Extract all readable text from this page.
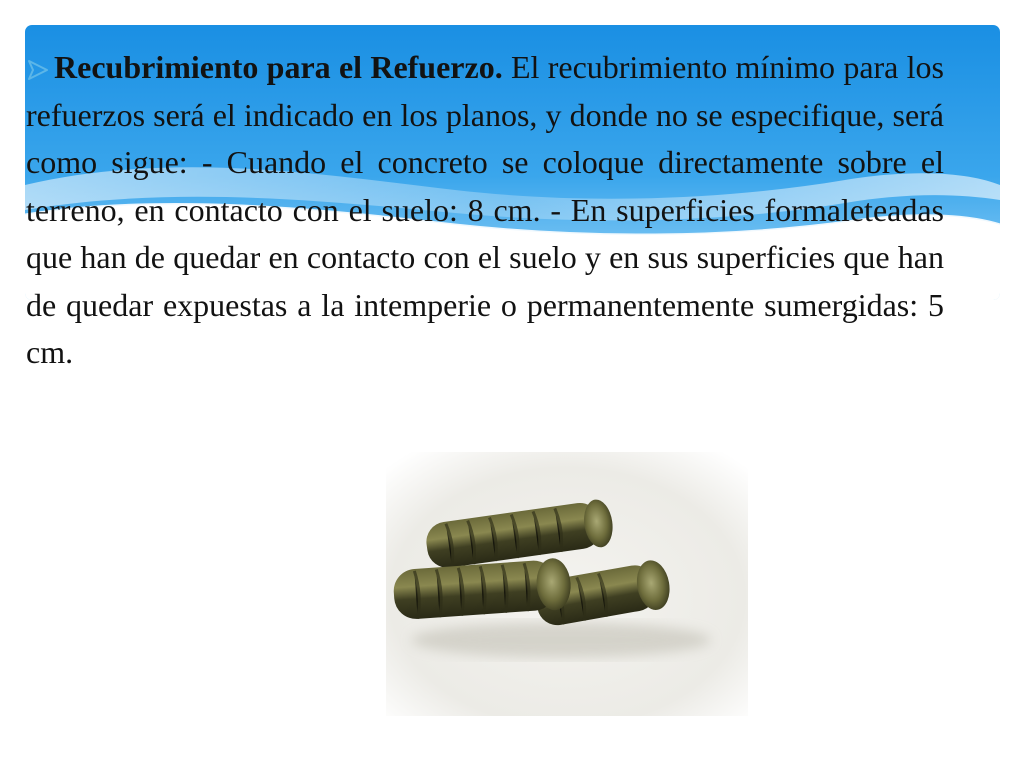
Recubrimiento para el Refuerzo. El recubrimiento mínimo para los refuerzos será el indicado en los planos, y donde no se especifique, será como sigue: - Cuando el concreto se coloque directamente sobre el terreno, en contacto con el suelo: 8 cm. - En superficies formaleteadas que han de quedar en contacto con el suelo y en sus superficies que han de quedar expuestas a la intemperie o permanentemente sumergidas: 5 cm.
